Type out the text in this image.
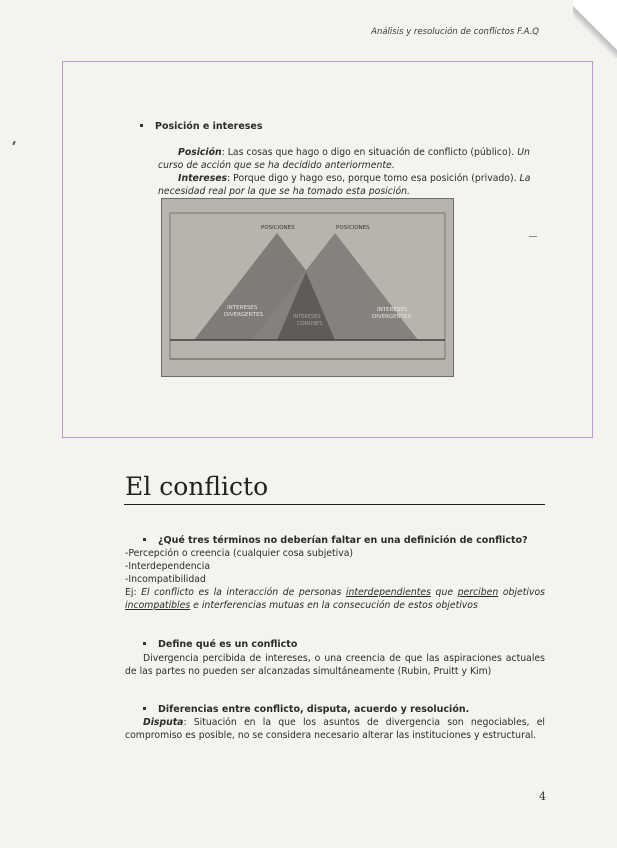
Análisis y resolución de conflictos F.A.Q
Posición e intereses
Posición: Las cosas que hago o digo en situación de conflicto (público). Un curso de acción que se ha decidido anteriormente.
Intereses: Porque digo y hago eso, porque tomo esa posición (privado). La necesidad real por la que se ha tomado esta posición.
POSICIONES	POSICIONES
INTERESES
DIVERGENTES	INTERESES
COMUNES
INTERESES
DIVERGENTES
El conflicto
¿Qué tres términos no deberían faltar en una definición de conflicto?
-Percepción o creencia (cualquier cosa subjetiva)
-Interdependencia
-Incompatibilidad
Ej: El conflicto es la interacción de personas interdependientes que perciben objetivos incompatibles e interferencias mutuas en la consecución de estos objetivos
Define qué es un conflicto
Divergencia percibida de intereses, o una creencia de que las aspiraciones actuales de las partes no pueden ser alcanzadas simultáneamente (Rubin, Pruitt y Kim)
Diferencias entre conflicto, disputa, acuerdo y resolución.
Disputa: Situación en la que los asuntos de divergencia son negociables, el compromiso es posible, no se considera necesario alterar las instituciones y estructural.
4
